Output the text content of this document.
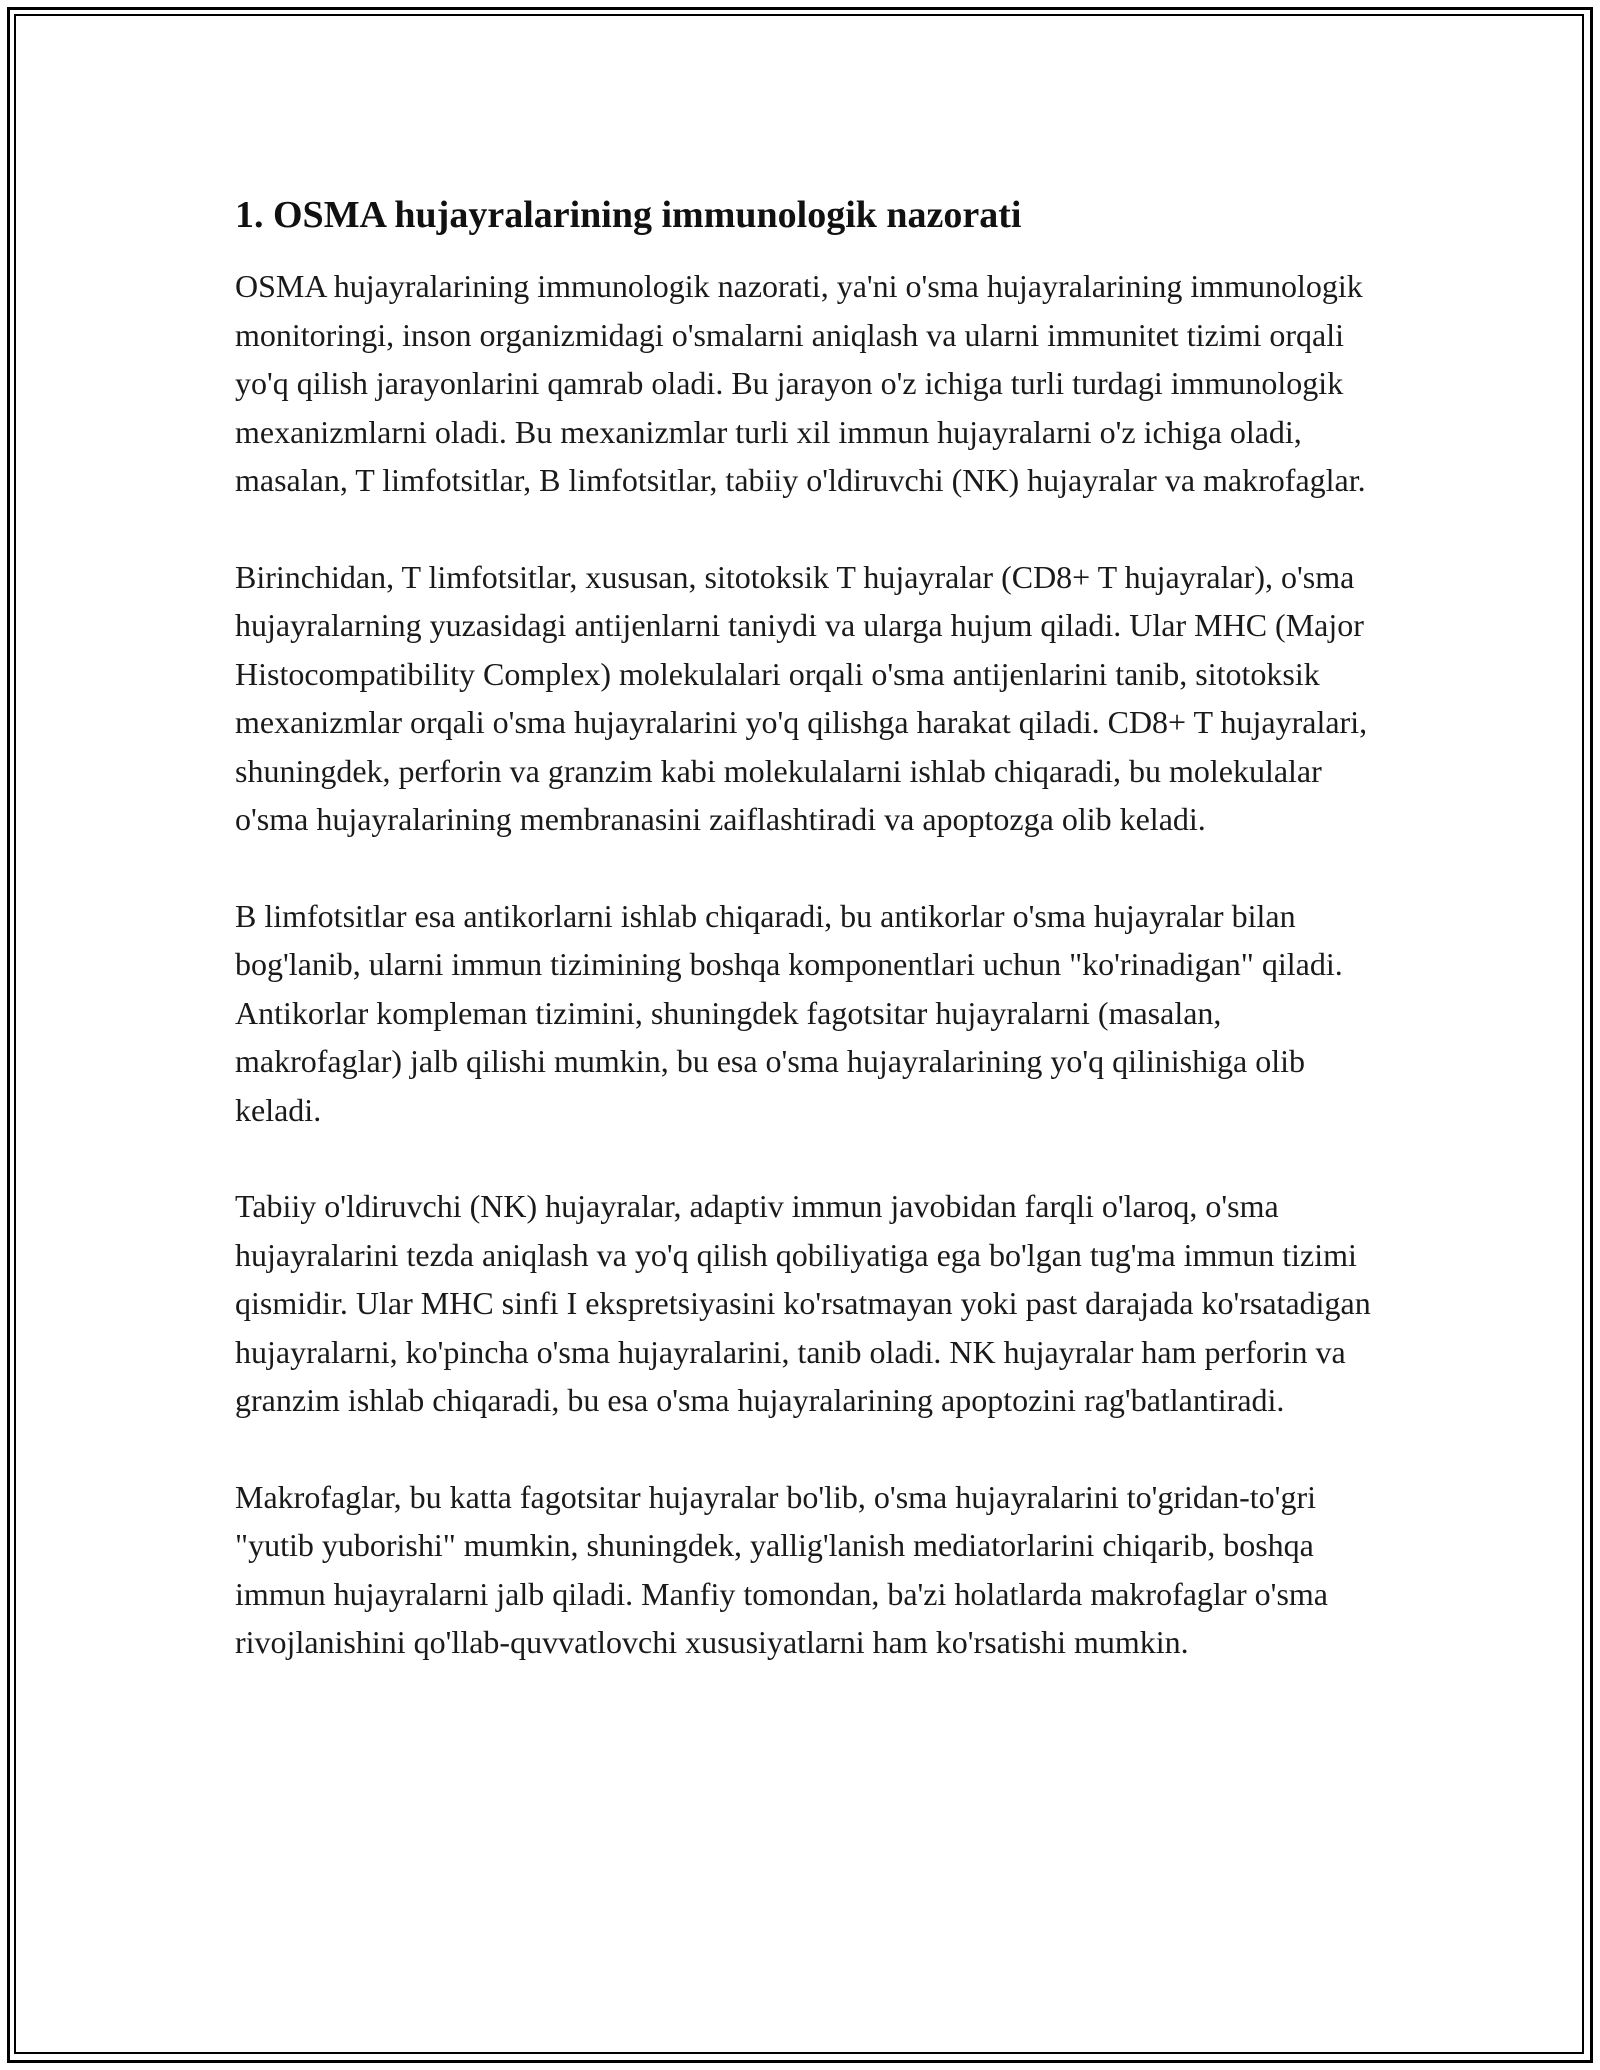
1. OSMA hujayralarining immunologik nazorati

OSMA hujayralarining immunologik nazorati, ya'ni o'sma hujayralarining immunologik monitoringi, inson organizmidagi o'smalarni aniqlash va ularni immunitet tizimi orqali yo'q qilish jarayonlarini qamrab oladi. Bu jarayon o'z ichiga turli turdagi immunologik mexanizmlarni oladi. Bu mexanizmlar turli xil immun hujayralarni o'z ichiga oladi, masalan, T limfotsitlar, B limfotsitlar, tabiiy o'ldiruvchi (NK) hujayralar va makrofaglar.

Birinchidan, T limfotsitlar, xususan, sitotoksik T hujayralar (CD8+ T hujayralar), o'sma hujayralarning yuzasidagi antijenlarni taniydi va ularga hujum qiladi. Ular MHC (Major Histocompatibility Complex) molekulalari orqali o'sma antijenlarini tanib, sitotoksik mexanizmlar orqali o'sma hujayralarini yo'q qilishga harakat qiladi. CD8+ T hujayralari, shuningdek, perforin va granzim kabi molekulalarni ishlab chiqaradi, bu molekulalar o'sma hujayralarining membranasini zaiflashtiradi va apoptozga olib keladi.

B limfotsitlar esa antikorlarni ishlab chiqaradi, bu antikorlar o'sma hujayralar bilan bog'lanib, ularni immun tizimining boshqa komponentlari uchun "ko'rinadigan" qiladi. Antikorlar kompleman tizimini, shuningdek fagotsitar hujayralarni (masalan, makrofaglar) jalb qilishi mumkin, bu esa o'sma hujayralarining yo'q qilinishiga olib keladi.

Tabiiy o'ldiruvchi (NK) hujayralar, adaptiv immun javobidan farqli o'laroq, o'sma hujayralarini tezda aniqlash va yo'q qilish qobiliyatiga ega bo'lgan tug'ma immun tizimi qismidir. Ular MHC sinfi I ekspretsiyasini ko'rsatmayan yoki past darajada ko'rsatadigan hujayralarni, ko'pincha o'sma hujayralarini, tanib oladi. NK hujayralar ham perforin va granzim ishlab chiqaradi, bu esa o'sma hujayralarining apoptozini rag'batlantiradi.

Makrofaglar, bu katta fagotsitar hujayralar bo'lib, o'sma hujayralarini to'gridan-to'gri "yutib yuborishi" mumkin, shuningdek, yallig'lanish mediatorlarini chiqarib, boshqa immun hujayralarni jalb qiladi. Manfiy tomondan, ba'zi holatlarda makrofaglar o'sma rivojlanishini qo'llab-quvvatlovchi xususiyatlarni ham ko'rsatishi mumkin.
